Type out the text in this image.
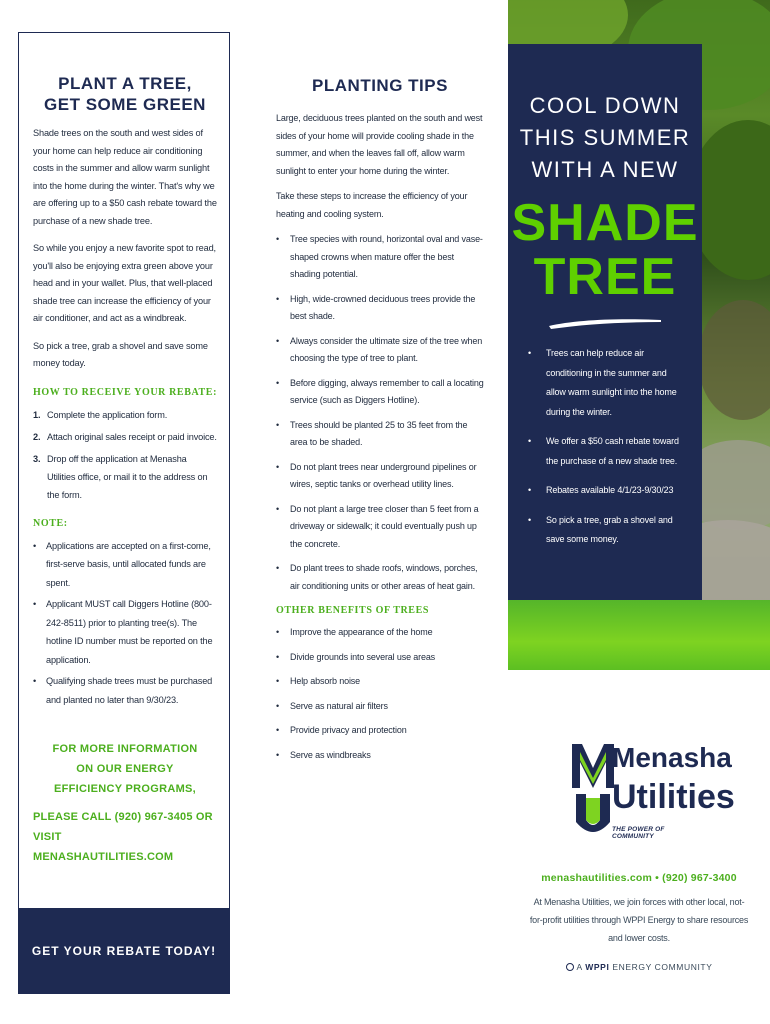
PLANT A TREE,
GET SOME GREEN

Shade trees on the south and west sides of your home can help reduce air conditioning costs in the summer and allow warm sunlight into the home during the winter. That's why we are offering up to a $50 cash rebate toward the purchase of a new shade tree.

So while you enjoy a new favorite spot to read, you'll also be enjoying extra green above your head and in your wallet. Plus, that well-placed shade tree can increase the efficiency of your air conditioner, and act as a windbreak.

So pick a tree, grab a shovel and save some money today.

HOW TO RECEIVE YOUR REBATE:
1. Complete the application form.
2. Attach original sales receipt or paid invoice.
3. Drop off the application at Menasha Utilities office, or mail it to the address on the form.
NOTE:
• Applications are accepted on a first-come, first-serve basis, until allocated funds are spent.
• Applicant MUST call Diggers Hotline (800-242-8511) prior to planting tree(s). The hotline ID number must be reported on the application.
• Qualifying shade trees must be purchased and planted no later than 9/30/23.
FOR MORE INFORMATION
ON OUR ENERGY
EFFICIENCY PROGRAMS,
PLEASE CALL (920) 967-3405 OR VISIT
MENASHAUTILITIES.COM
GET YOUR REBATE TODAY!
PLANTING TIPS

Large, deciduous trees planted on the south and west sides of your home will provide cooling shade in the summer, and when the leaves fall off, allow warm sunlight to enter your home during the winter.

Take these steps to increase the efficiency of your heating and cooling system.

• Tree species with round, horizontal oval and vase-shaped crowns when mature offer the best shading potential.
• High, wide-crowned deciduous trees provide the best shade.
• Always consider the ultimate size of the tree when choosing the type of tree to plant.
• Before digging, always remember to call a locating service (such as Diggers Hotline).
• Trees should be planted 25 to 35 feet from the area to be shaded.
• Do not plant trees near underground pipelines or wires, septic tanks or overhead utility lines.
• Do not plant a large tree closer than 5 feet from a driveway or sidewalk; it could eventually push up the concrete.
• Do plant trees to shade roofs, windows, porches, air conditioning units or other areas of heat gain.
OTHER BENEFITS OF TREES
• Improve the appearance of the home
• Divide grounds into several use areas
• Help absorb noise
• Serve as natural air filters
• Provide privacy and protection
• Serve as windbreaks
COOL DOWN
THIS SUMMER
WITH A NEW
SHADE
TREE
• Trees can help reduce air conditioning in the summer and allow warm sunlight into the home during the winter.
• We offer a $50 cash rebate toward the purchase of a new shade tree.
• Rebates available 4/1/23-9/30/23
• So pick a tree, grab a shovel and save some money.
Menasha
Utilities
THE POWER OF COMMUNITY
menashautilities.com • (920) 967-3400
At Menasha Utilities, we join forces with other local, not-for-profit utilities through WPPI Energy to share resources and lower costs.
A WPPI ENERGY COMMUNITY
